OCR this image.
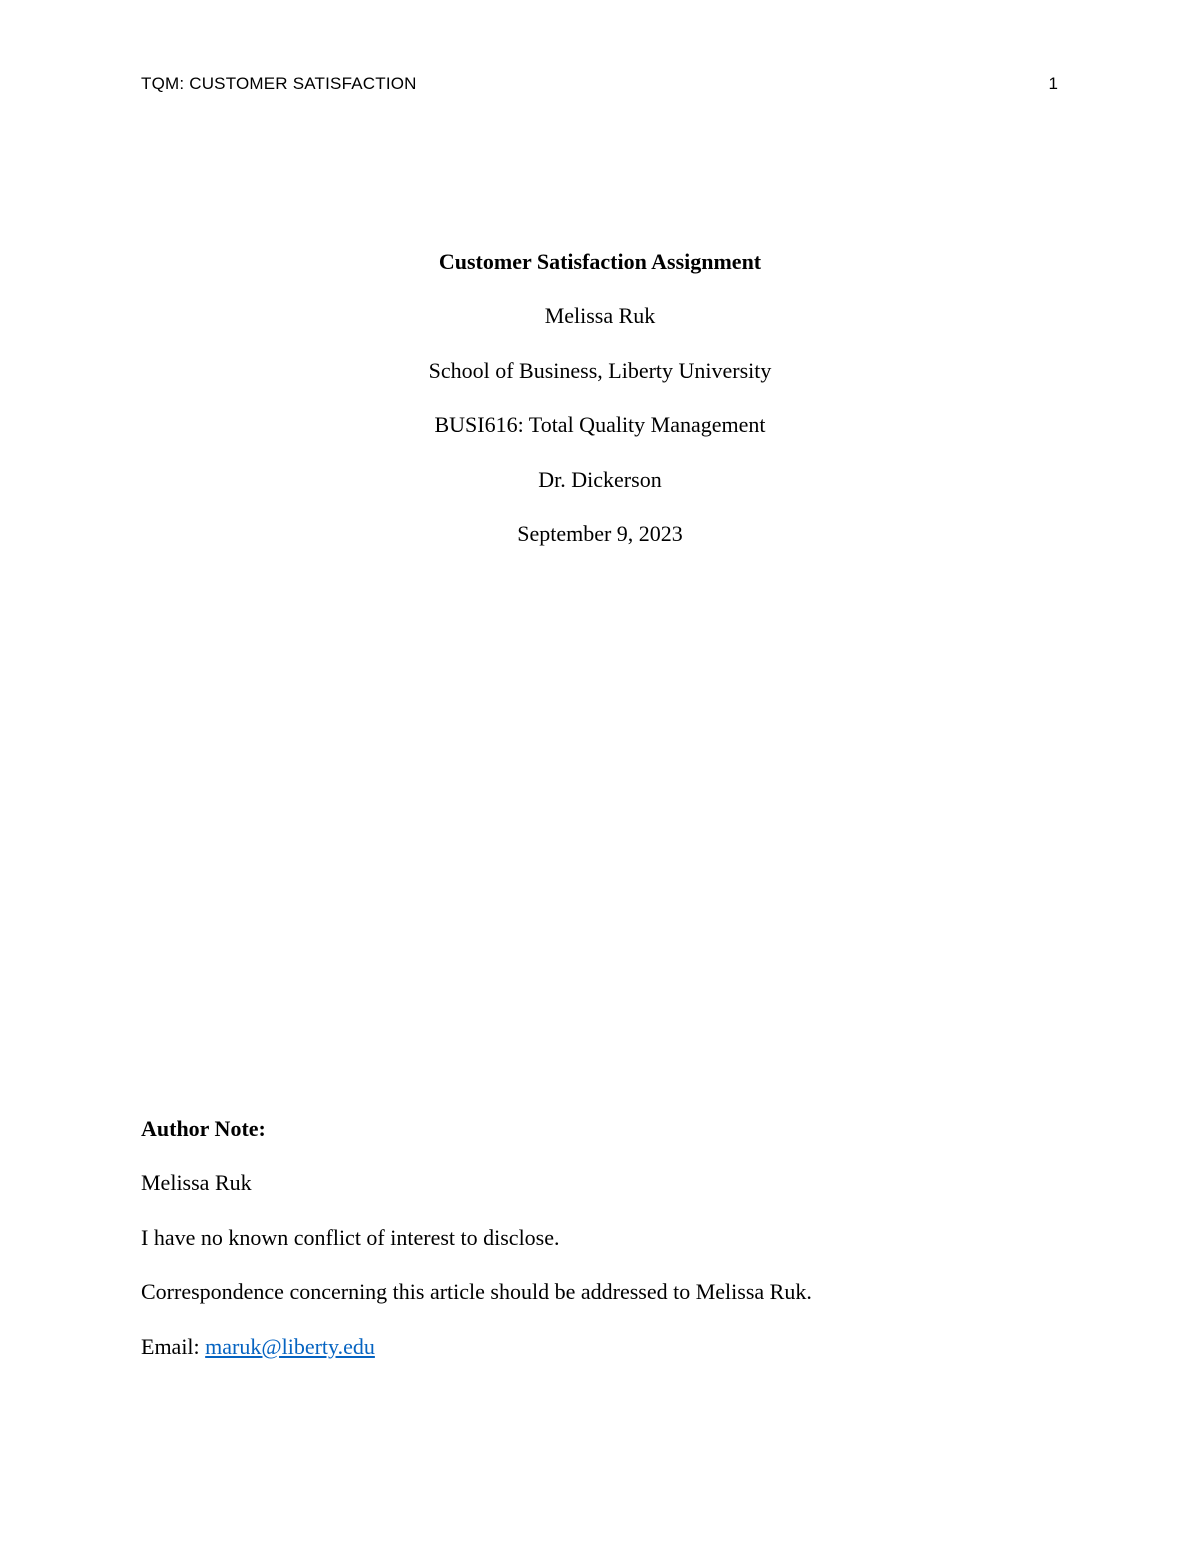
TQM: CUSTOMER SATISFACTION	1
Customer Satisfaction Assignment
Melissa Ruk
School of Business, Liberty University
BUSI616: Total Quality Management
Dr. Dickerson
September 9, 2023
Author Note:
Melissa Ruk
I have no known conflict of interest to disclose.
Correspondence concerning this article should be addressed to Melissa Ruk.
Email: maruk@liberty.edu
